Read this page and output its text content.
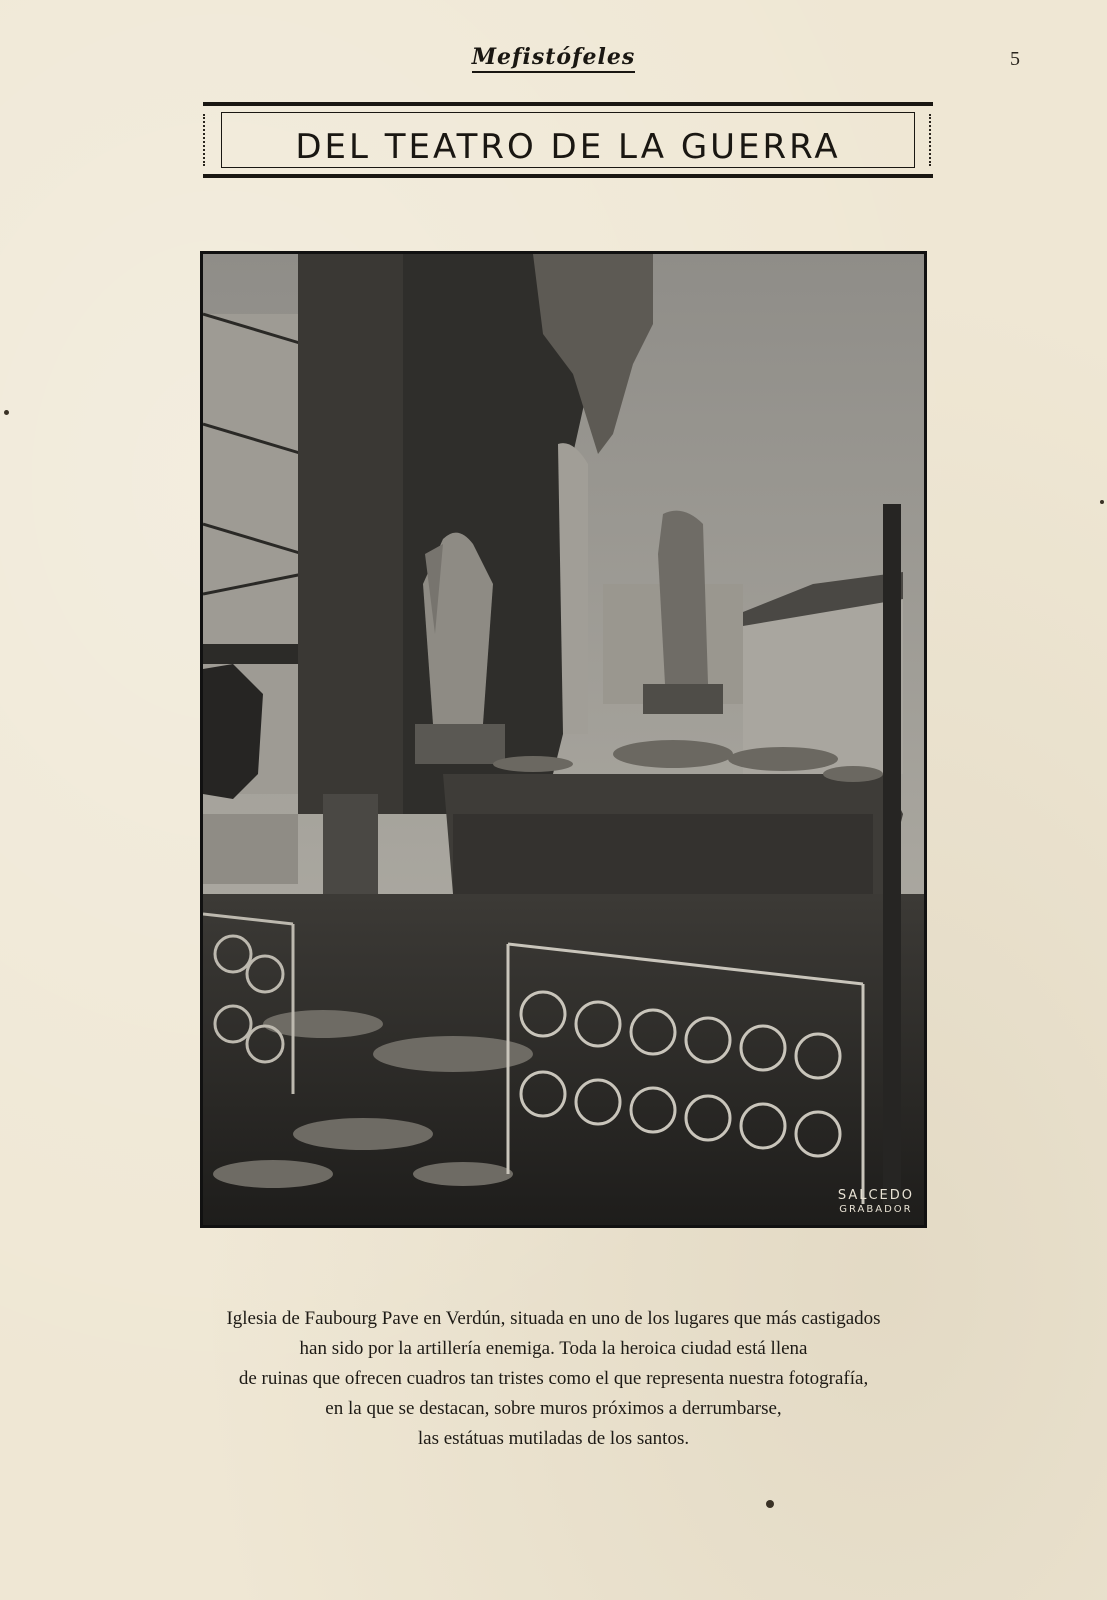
Mefistófeles	5
DEL TEATRO DE LA GUERRA
SALCEDO
GRABADOR
Iglesia de Faubourg Pave en Verdún, situada en uno de los lugares que más castigados
han sido por la artillería enemiga. Toda la heroica ciudad está llena
de ruinas que ofrecen cuadros tan tristes como el que representa nuestra fotografía,
en la que se destacan, sobre muros próximos a derrumbarse,
las estátuas mutiladas de los santos.
